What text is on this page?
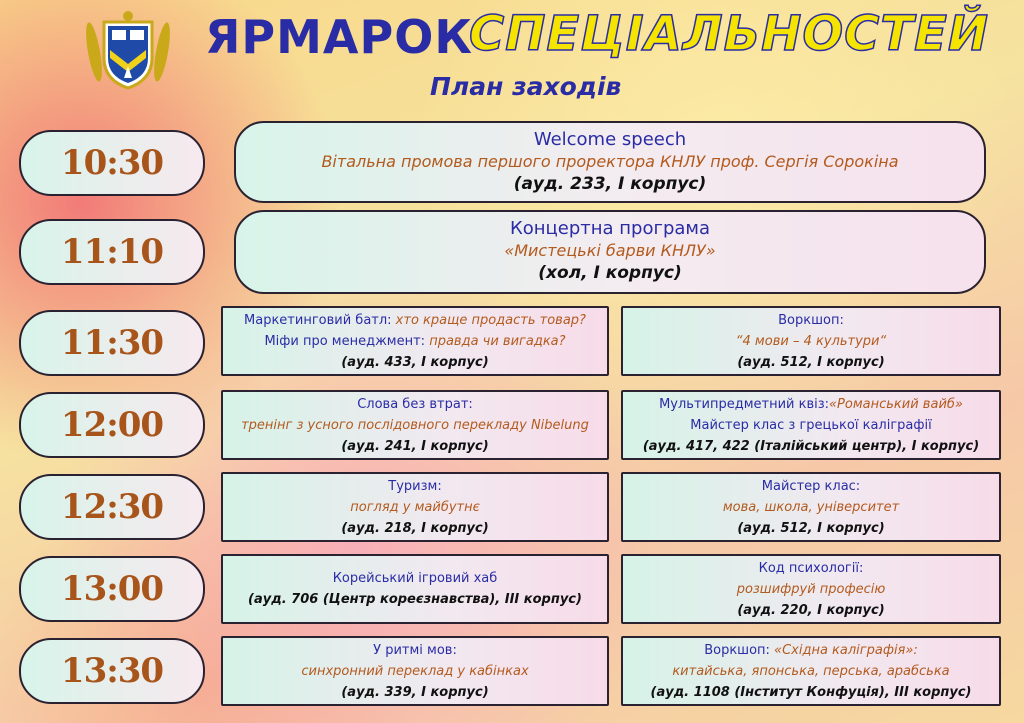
ЯРМАРОК
СПЕЦІАЛЬНОСТЕЙ
План заходів
10:30
11:10
11:30
12:00
12:30
13:00
13:30
Welcome speech
Вітальна промова першого проректора КНЛУ проф. Сергія Сорокіна
(ауд. 233, І корпус)
Концертна програма
«Мистецькі барви КНЛУ»
(хол, І корпус)
Маркетинговий батл: хто краще продасть товар?
Міфи про менеджмент: правда чи вигадка?
(ауд. 433, І корпус)
Воркшоп:
“4 мови – 4 культури“
(ауд. 512, І корпус)
Слова без втрат:
тренінг з усного послідовного перекладу Nibelung
(ауд. 241, І корпус)
Мультипредметний квіз:«Романський вайб»
Майстер клас з грецької каліграфії
(ауд. 417, 422 (Італійський центр), І корпус)
Туризм:
погляд у майбутнє
(ауд. 218, І корпус)
Майстер клас:
мова, школа, університет
(ауд. 512, І корпус)
Корейський ігровий хаб
(ауд. 706 (Центр кореєзнавства), ІІІ корпус)
Код психології:
розшифруй професію
(ауд. 220, І корпус)
У ритмі мов:
синхронний переклад у кабінках
(ауд. 339, І корпус)
Воркшоп: «Східна каліграфія»:
китайська, японська, перська, арабська
(ауд. 1108 (Інститут Конфуція), ІІІ корпус)
